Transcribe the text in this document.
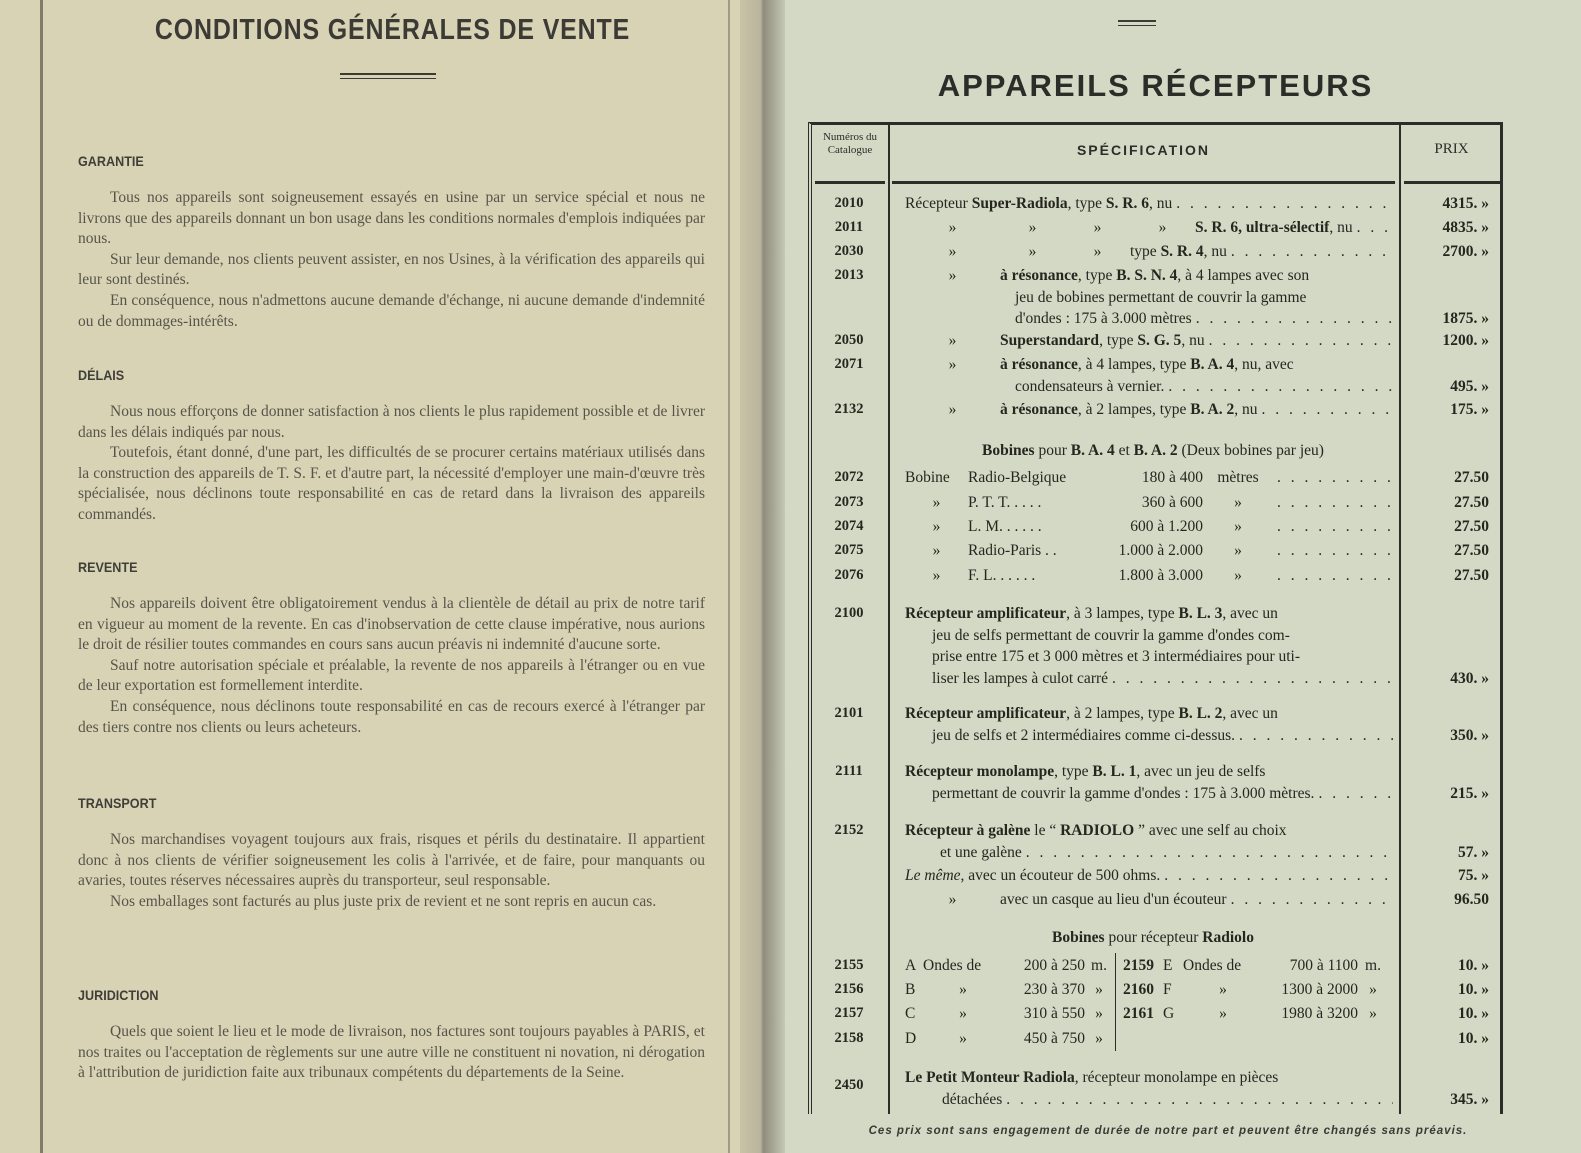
CONDITIONS GÉNÉRALES DE VENTE
GARANTIE

Tous nos appareils sont soigneusement essayés en usine par un service spécial et nous ne livrons que des appareils donnant un bon usage dans les conditions normales d'emplois indiquées par nous.

Sur leur demande, nos clients peuvent assister, en nos Usines, à la vérification des appareils qui leur sont destinés.

En conséquence, nous n'admettons aucune demande d'échange, ni aucune demande d'indemnité ou de dommages-intérêts.

DÉLAIS

Nous nous efforçons de donner satisfaction à nos clients le plus rapidement possible et de livrer dans les délais indiqués par nous.

Toutefois, étant donné, d'une part, les difficultés de se procurer certains matériaux utilisés dans la construction des appareils de T. S. F. et d'autre part, la nécessité d'employer une main-d'œuvre très spécialisée, nous déclinons toute responsabilité en cas de retard dans la livraison des appareils commandés.

REVENTE

Nos appareils doivent être obligatoirement vendus à la clientèle de détail au prix de notre tarif en vigueur au moment de la revente. En cas d'inobservation de cette clause impérative, nous aurions le droit de résilier toutes commandes en cours sans aucun préavis ni indemnité d'aucune sorte.

Sauf notre autorisation spéciale et préalable, la revente de nos appareils à l'étranger ou en vue de leur exportation est formellement interdite.

En conséquence, nous déclinons toute responsabilité en cas de recours exercé à l'étranger par des tiers contre nos clients ou leurs acheteurs.

TRANSPORT

Nos marchandises voyagent toujours aux frais, risques et périls du destinataire. Il appartient donc à nos clients de vérifier soigneusement les colis à l'arrivée, et de faire, pour manquants ou avaries, toutes réserves nécessaires auprès du transporteur, seul responsable.

Nos emballages sont facturés au plus juste prix de revient et ne sont repris en aucun cas.

JURIDICTION

Quels que soient le lieu et le mode de livraison, nos factures sont toujours payables à PARIS, et nos traites ou l'acceptation de règlements sur une autre ville ne constituent ni novation, ni dérogation à l'attribution de juridiction faite aux tribunaux compétents du départements de la Seine.

APPAREILS RÉCEPTEURS
Numéros du Catalogue	SPÉCIFICATION	PRIX
2010	Récepteur Super-Radiola , type S. R. 6 , nu . . .	4315. »
2011	»	»	»	»	S. R. 6, ultra-sélectif , nu . . .	4835. »
2030	»	»	»	type S. R. 4 , nu . . .	2700. »
2013	»	à résonance , type B. S. N. 4 , à 4 lampes avec son
jeu de bobines permettant de couvrir la gamme
d'ondes : 175 à 3.000 mètres . . .	1875. »
2050	»	Superstandard , type S. G. 5 , nu . . .	1200. »
2071	»	à résonance , à 4 lampes, type B. A. 4 , nu, avec
condensateurs à vernier. . . .	495. »
2132	»	à résonance , à 2 lampes, type B. A. 2 , nu . . .	175. »
Bobines pour B. A. 4 et B. A. 2 (Deux bobines par jeu)
2072	Bobine	Radio-Belgique	180 à 400 mètres . . .	27.50
2073	»	P. T. T. . . . .	360 à 600	» . . .	27.50
2074	»	L. M. . . . . .	600 à 1.200	» . . .	27.50
2075	»	Radio-Paris . .	1.000 à 2.000	» . . .	27.50
2076	»	F. L. . . . . .	1.800 à 3.000	» . . .	27.50
2100	Récepteur amplificateur , à 3 lampes, type B. L. 3 , avec un
jeu de selfs permettant de couvrir la gamme d'ondes com-
prise entre 175 et 3 000 mètres et 3 intermédiaires pour uti-
liser les lampes à culot carré . . .	430. »
2101	Récepteur amplificateur , à 2 lampes, type B. L. 2 , avec un
jeu de selfs et 2 intermédiaires comme ci-dessus. . . .	350. »
2111	Récepteur monolampe , type B. L. 1 , avec un jeu de selfs
permettant de couvrir la gamme d'ondes : 175 à 3.000 mètres. . . .	215. »
2152	Récepteur à galène le “ RADIOLO ” avec une self au choix
et une galène . . .	57. »
Le même , avec un écouteur de 500 ohms. . . .	75. »
»	avec un casque au lieu d'un écouteur . . .	96.50
Bobines pour récepteur Radiolo
2155	A Ondes de	200 à 250 m.	2159 E Ondes de	700 à 1100 m.	10. »
2156	B	»	230 à 370 »	2160 F	»	1300 à 2000 »	10. »
2157	C	»	310 à 550 »	2161 G	»	1980 à 3200 »	10. »
2158	D	»	450 à 750 »	10. »
2450	Le Petit Monteur Radiola , récepteur monolampe en pièces
détachées . . .	345. »
Ces prix sont sans engagement de durée de notre part et peuvent être changés sans préavis.
